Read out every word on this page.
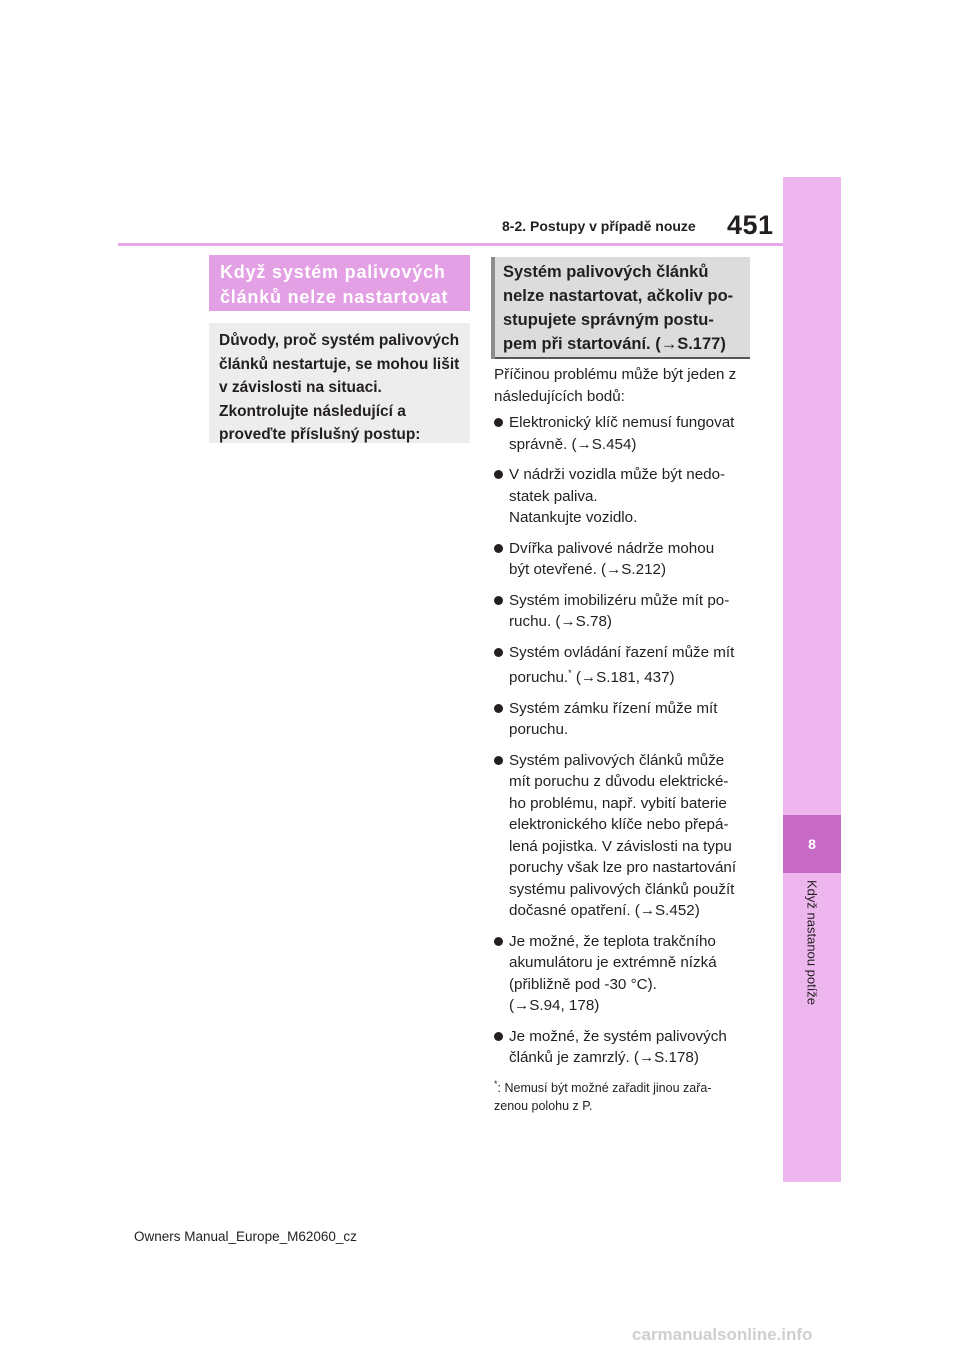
451
8-2. Postupy v případě nouze
8
Když nastanou potíže
Když systém palivových článků nelze nastartovat
Důvody, proč systém palivových článků nestartuje, se mohou lišit v závislosti na situaci. Zkontrolujte následující a proveďte příslušný postup:
Systém palivových článků
nelze nastartovat, ačkoliv po-
stupujete správným postu-
pem při startování. (→S.177)

Příčinou problému může být jeden z následujících bodů:

Elektronický klíč nemusí fungovat
správně. (→S.454)
V nádrži vozidla může být nedo-
statek paliva.
Natankujte vozidlo.
Dvířka palivové nádrže mohou
být otevřené. (→S.212)
Systém imobilizéru může mít po-
ruchu. (→S.78)
Systém ovládání řazení může mít
poruchu.* (→S.181, 437)
Systém zámku řízení může mít
poruchu.
Systém palivových článků může
mít poruchu z důvodu elektrické-
ho problému, např. vybití baterie
elektronického klíče nebo přepá-
lená pojistka. V závislosti na typu
poruchy však lze pro nastartování
systému palivových článků použít
dočasné opatření. (→S.452)
Je možné, že teplota trakčního
akumulátoru je extrémně nízká
(přibližně pod -30 °C).
(→S.94, 178)
Je možné, že systém palivových
článků je zamrzlý. (→S.178)
*: Nemusí být možné zařadit jinou zařa-
zenou polohu z P.
Owners Manual_Europe_M62060_cz
carmanualsonline.info
